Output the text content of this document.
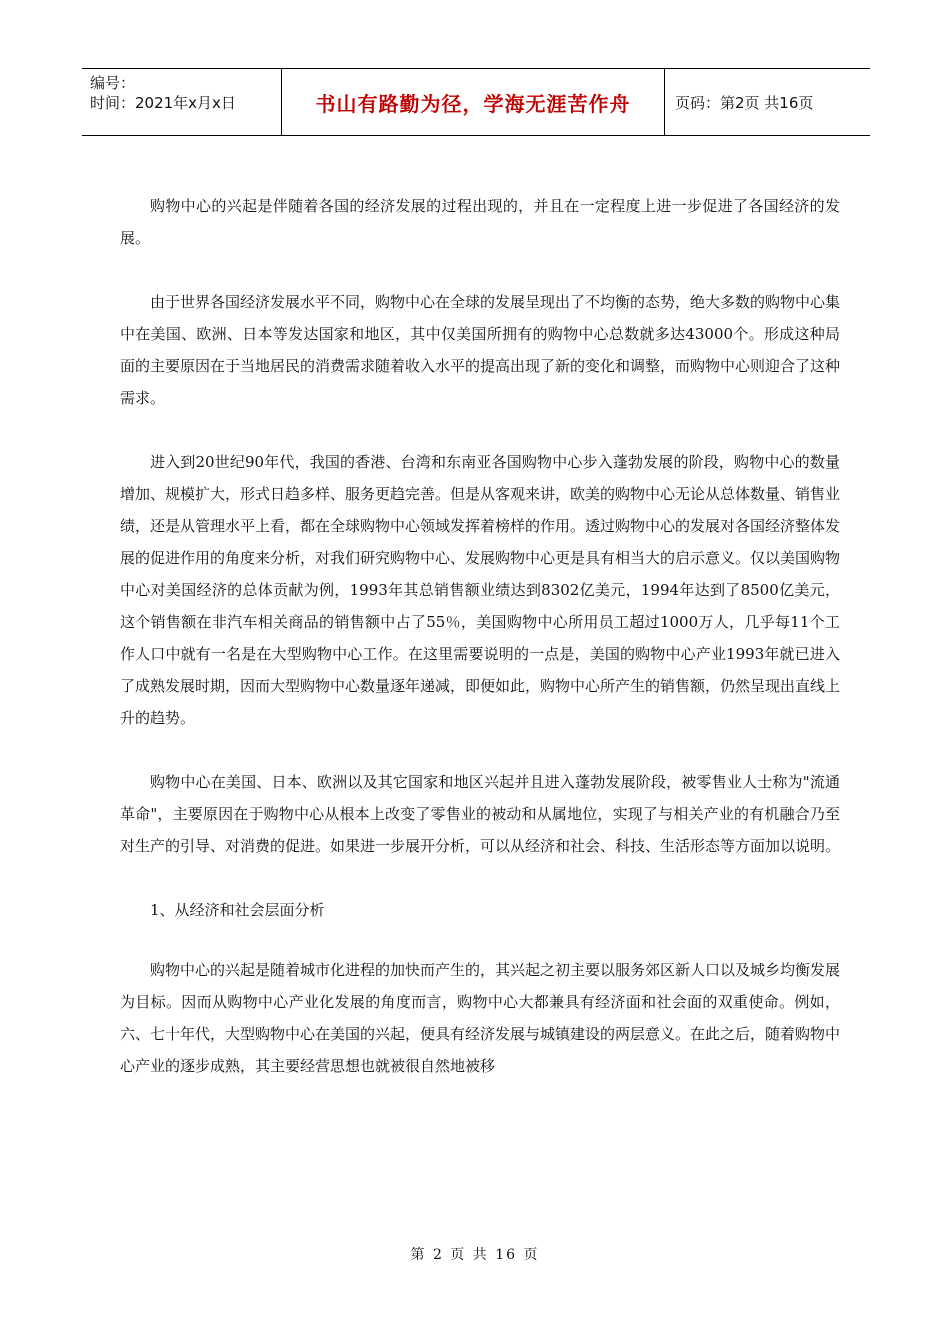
编号：
时间：2021年x月x日	书山有路勤为径，学海无涯苦作舟	页码：第2页 共16页

购物中心的兴起是伴随着各国的经济发展的过程出现的，并且在一定程度上进一步促进了各国经济的发展。

由于世界各国经济发展水平不同，购物中心在全球的发展呈现出了不均衡的态势，绝大多数的购物中心集中在美国、欧洲、日本等发达国家和地区，其中仅美国所拥有的购物中心总数就多达43000个。形成这种局面的主要原因在于当地居民的消费需求随着收入水平的提高出现了新的变化和调整，而购物中心则迎合了这种需求。

进入到20世纪90年代，我国的香港、台湾和东南亚各国购物中心步入蓬勃发展的阶段，购物中心的数量增加、规模扩大，形式日趋多样、服务更趋完善。但是从客观来讲，欧美的购物中心无论从总体数量、销售业绩，还是从管理水平上看，都在全球购物中心领域发挥着榜样的作用。透过购物中心的发展对各国经济整体发展的促进作用的角度来分析，对我们研究购物中心、发展购物中心更是具有相当大的启示意义。仅以美国购物中心对美国经济的总体贡献为例，1993年其总销售额业绩达到8302亿美元，1994年达到了8500亿美元，这个销售额在非汽车相关商品的销售额中占了55％，美国购物中心所用员工超过1000万人，几乎每11个工作人口中就有一名是在大型购物中心工作。在这里需要说明的一点是，美国的购物中心产业1993年就已进入了成熟发展时期，因而大型购物中心数量逐年递减，即便如此，购物中心所产生的销售额，仍然呈现出直线上升的趋势。

购物中心在美国、日本、欧洲以及其它国家和地区兴起并且进入蓬勃发展阶段，被零售业人士称为"流通革命"，主要原因在于购物中心从根本上改变了零售业的被动和从属地位，实现了与相关产业的有机融合乃至对生产的引导、对消费的促进。如果进一步展开分析，可以从经济和社会、科技、生活形态等方面加以说明。

1、从经济和社会层面分析

购物中心的兴起是随着城市化进程的加快而产生的，其兴起之初主要以服务郊区新人口以及城乡均衡发展为目标。因而从购物中心产业化发展的角度而言，购物中心大都兼具有经济面和社会面的双重使命。例如，六、七十年代，大型购物中心在美国的兴起，便具有经济发展与城镇建设的两层意义。在此之后，随着购物中心产业的逐步成熟，其主要经营思想也就被很自然地被移

第 2 页 共 16 页
